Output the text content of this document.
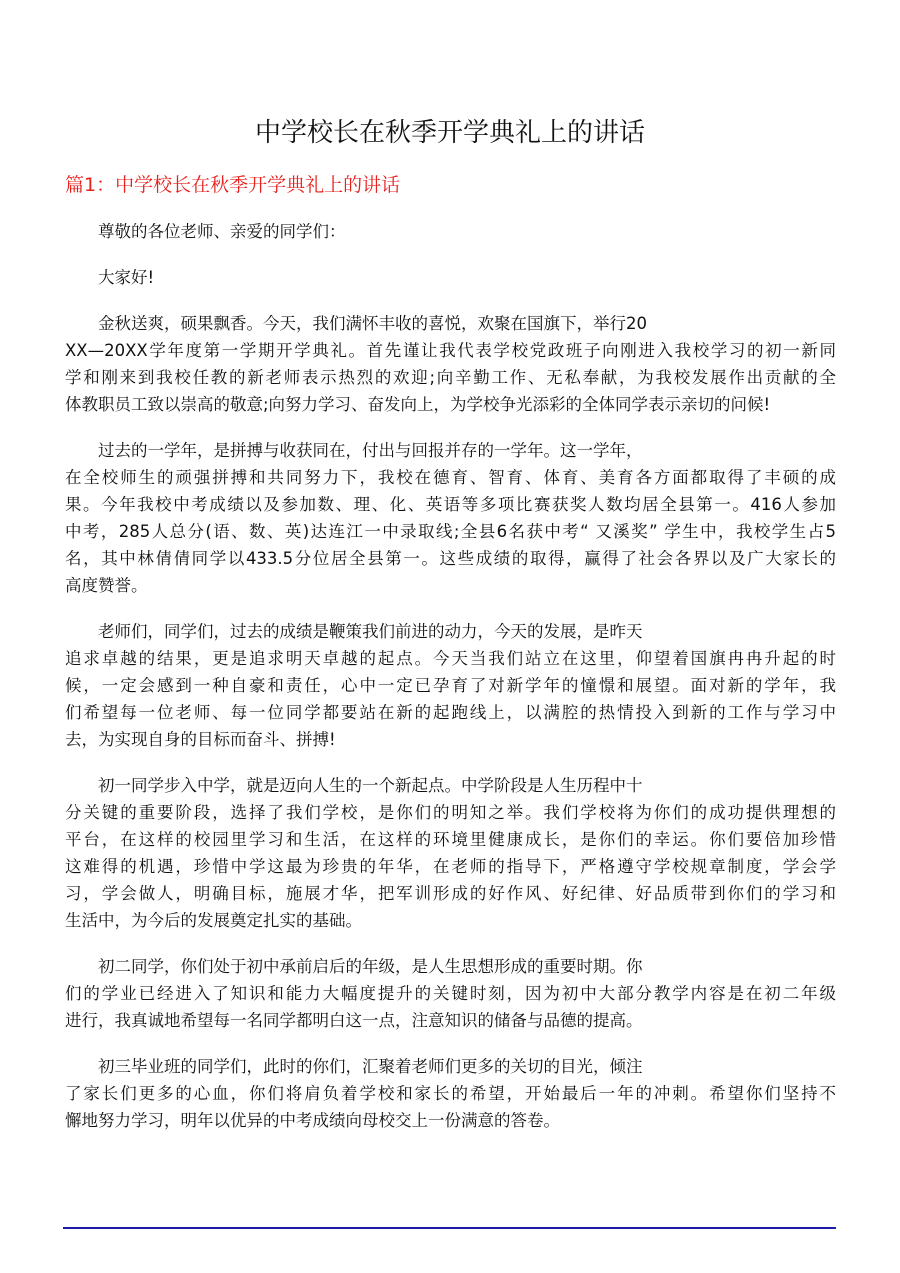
中学校长在秋季开学典礼上的讲话
篇1：中学校长在秋季开学典礼上的讲话
尊敬的各位老师、亲爱的同学们：
大家好!
金秋送爽，硕果飘香。今天，我们满怀丰收的喜悦，欢聚在国旗下，举行20
XX—20XX学年度第一学期开学典礼。首先谨让我代表学校党政班子向刚进入我校学习的初一新同
学和刚来到我校任教的新老师表示热烈的欢迎;向辛勤工作、无私奉献，为我校发展作出贡献的全
体教职员工致以崇高的敬意;向努力学习、奋发向上，为学校争光添彩的全体同学表示亲切的问候!
过去的一学年，是拼搏与收获同在，付出与回报并存的一学年。这一学年，
在全校师生的顽强拼搏和共同努力下，我校在德育、智育、体育、美育各方面都取得了丰硕的成
果。今年我校中考成绩以及参加数、理、化、英语等多项比赛获奖人数均居全县第一。416人参加
中考，285人总分(语、数、英)达连江一中录取线;全县6名获中考“ 又溪奖” 学生中，我校学生占5
名，其中林倩倩同学以433.5分位居全县第一。这些成绩的取得，赢得了社会各界以及广大家长的
高度赞誉。
老师们，同学们，过去的成绩是鞭策我们前进的动力，今天的发展，是昨天
追求卓越的结果，更是追求明天卓越的起点。今天当我们站立在这里，仰望着国旗冉冉升起的时
候，一定会感到一种自豪和责任，心中一定已孕育了对新学年的憧憬和展望。面对新的学年，我
们希望每一位老师、每一位同学都要站在新的起跑线上，以满腔的热情投入到新的工作与学习中
去，为实现自身的目标而奋斗、拼搏!
初一同学步入中学，就是迈向人生的一个新起点。中学阶段是人生历程中十
分关键的重要阶段，选择了我们学校，是你们的明知之举。我们学校将为你们的成功提供理想的
平台，在这样的校园里学习和生活，在这样的环境里健康成长，是你们的幸运。你们要倍加珍惜
这难得的机遇，珍惜中学这最为珍贵的年华，在老师的指导下，严格遵守学校规章制度，学会学
习，学会做人，明确目标，施展才华，把军训形成的好作风、好纪律、好品质带到你们的学习和
生活中，为今后的发展奠定扎实的基础。
初二同学，你们处于初中承前启后的年级，是人生思想形成的重要时期。你
们的学业已经进入了知识和能力大幅度提升的关键时刻，因为初中大部分教学内容是在初二年级
进行，我真诚地希望每一名同学都明白这一点，注意知识的储备与品德的提高。
初三毕业班的同学们，此时的你们，汇聚着老师们更多的关切的目光，倾注
了家长们更多的心血，你们将肩负着学校和家长的希望，开始最后一年的冲刺。希望你们坚持不
懈地努力学习，明年以优异的中考成绩向母校交上一份满意的答卷。
